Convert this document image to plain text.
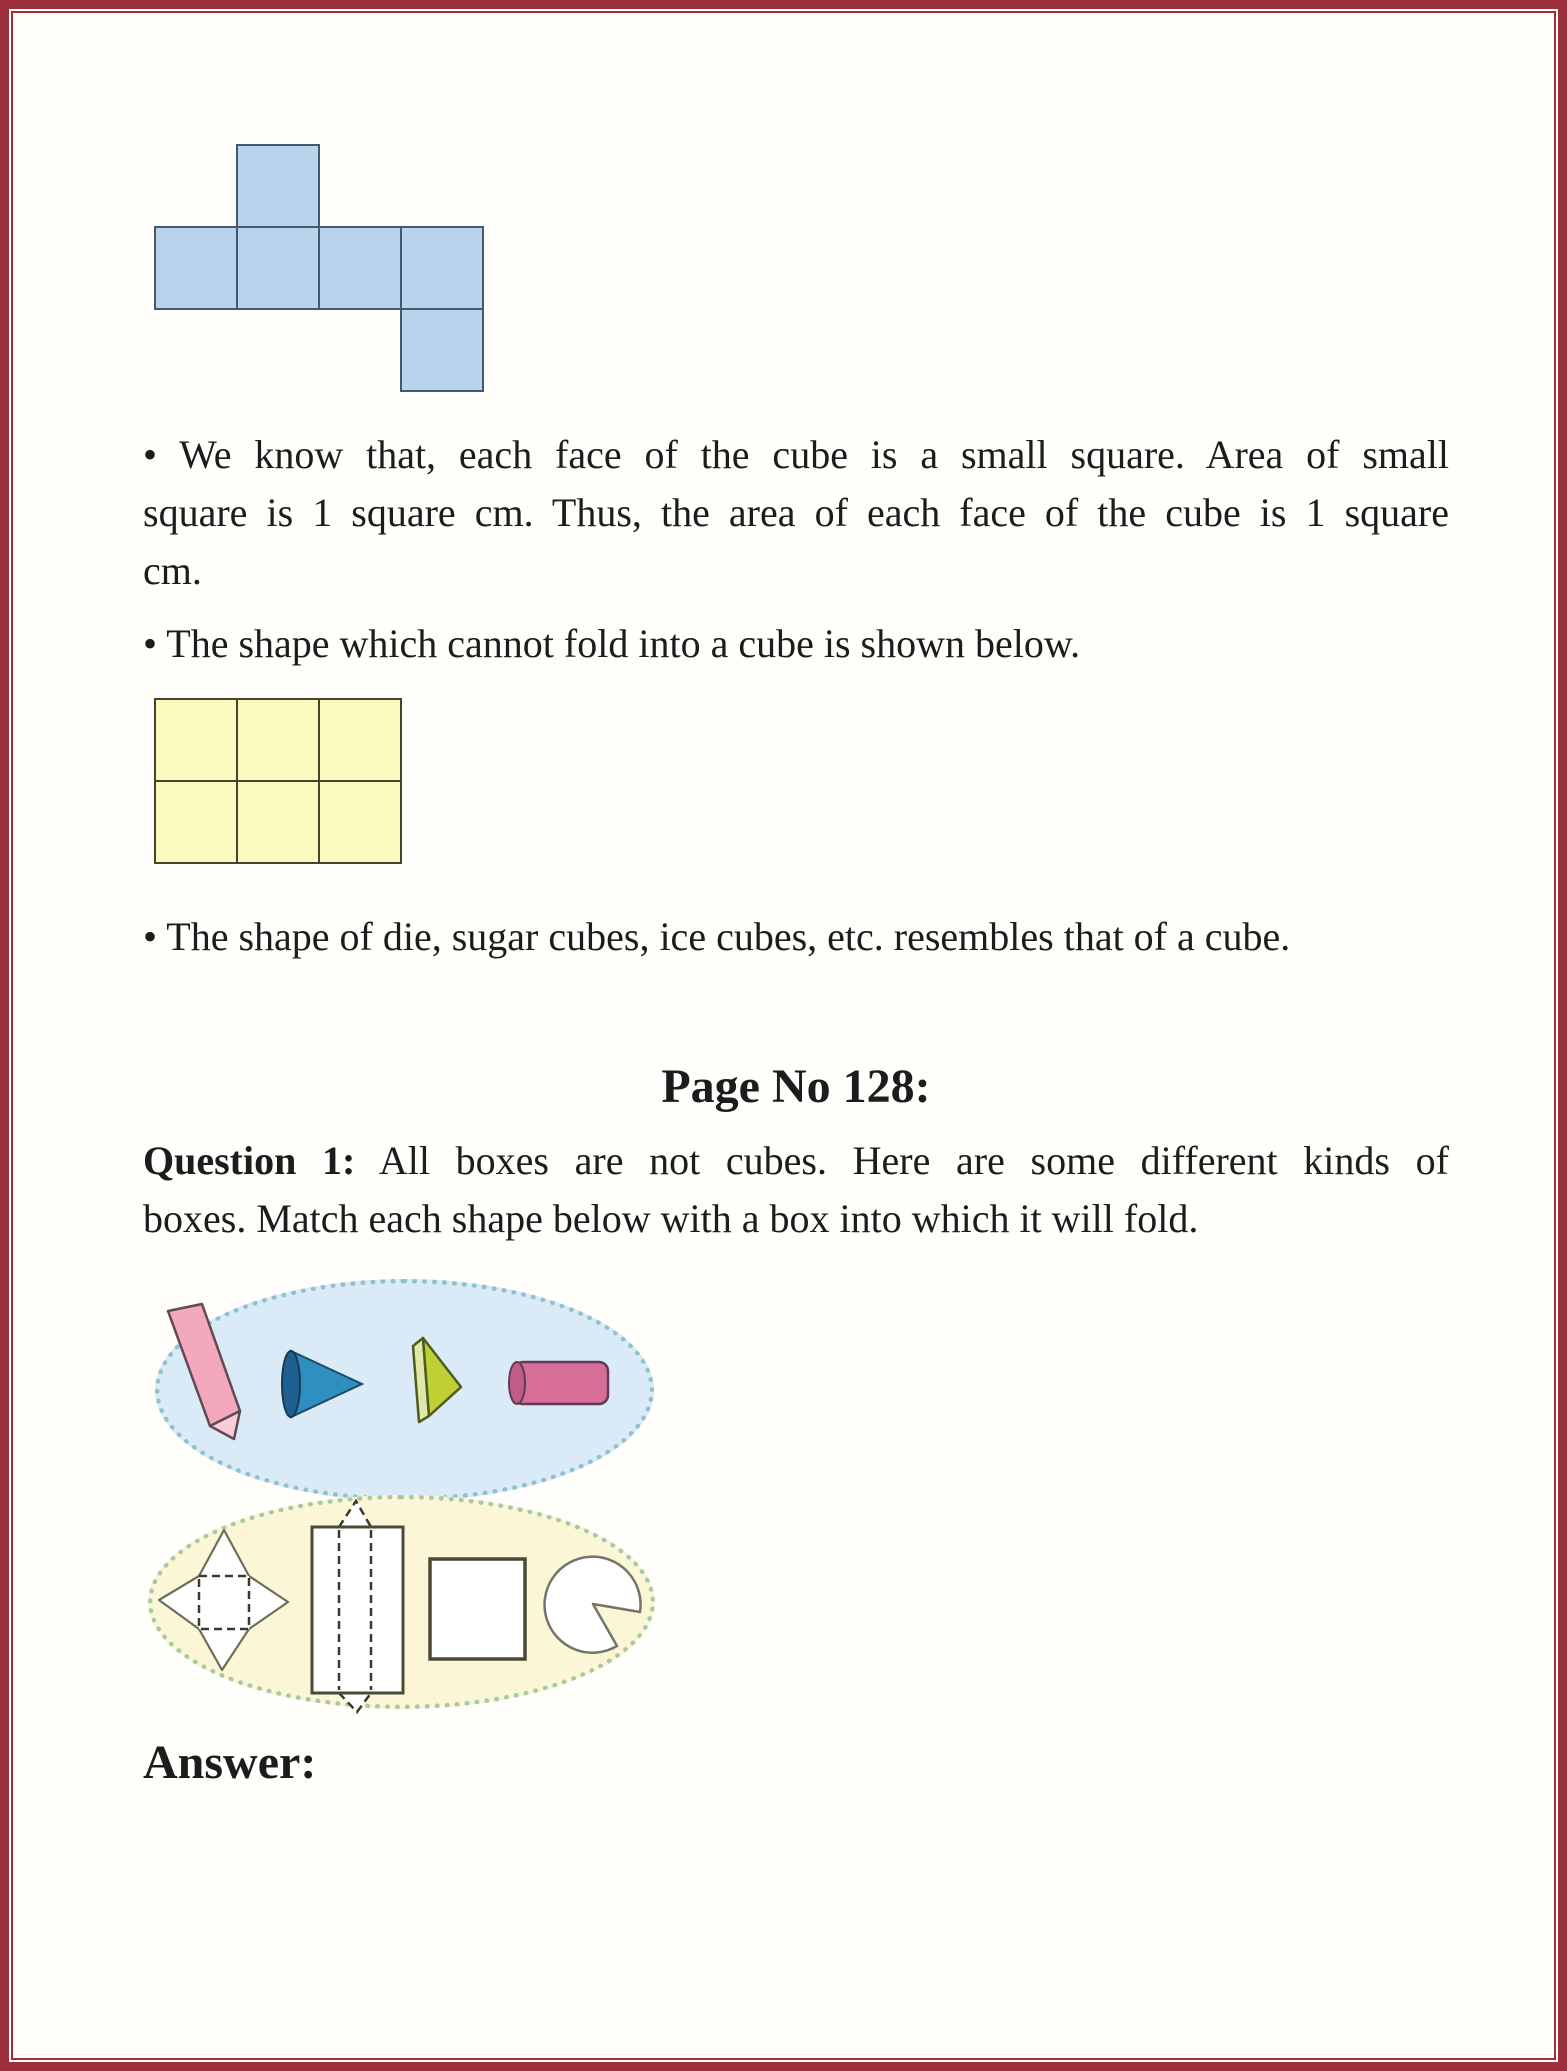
• We know that, each face of the cube is a small square. Area of small
square is 1 square cm. Thus, the area of each face of the cube is 1 square
cm.
• The shape which cannot fold into a cube is shown below.
• The shape of die, sugar cubes, ice cubes, etc. resembles that of a cube.
Page No 128:
Question 1: All boxes are not cubes. Here are some different kinds of
boxes. Match each shape below with a box into which it will fold.
Answer:
